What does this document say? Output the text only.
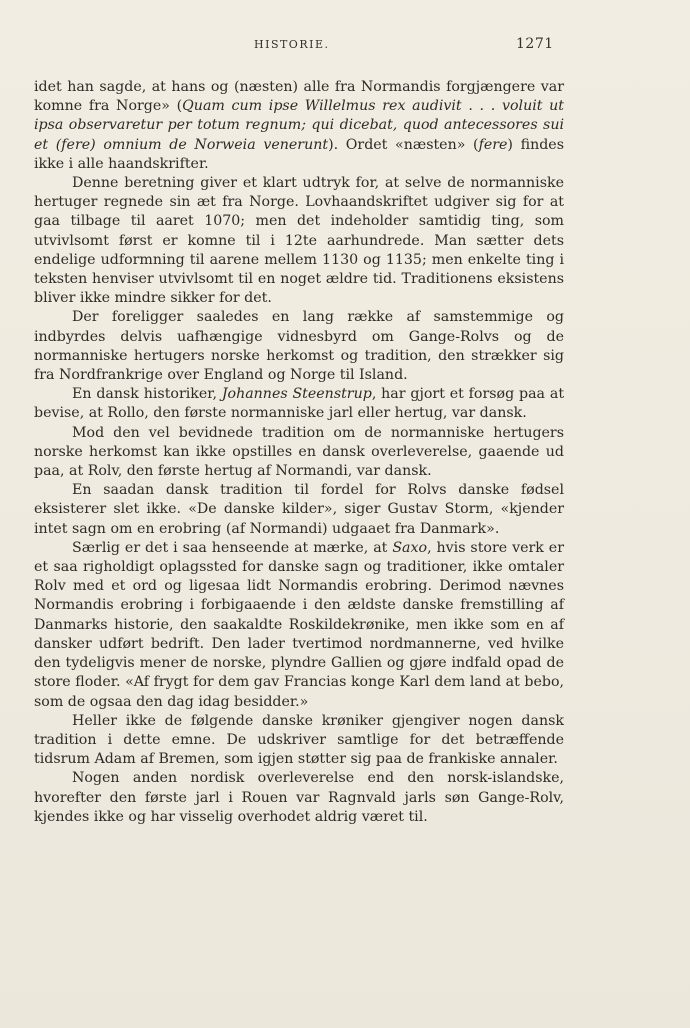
HISTORIE.	1271

idet han sagde, at hans og (næsten) alle fra Normandis forgjængere var komne fra Norge» (Quam cum ipse Willelmus rex audivit . . . voluit ut ipsa observaretur per totum regnum; qui dicebat, quod antecessores sui et (fere) omnium de Norweia venerunt). Ordet «næsten» (fere) findes ikke i alle haandskrifter.

Denne beretning giver et klart udtryk for, at selve de normanniske hertuger regnede sin æt fra Norge. Lovhaandskriftet udgiver sig for at gaa tilbage til aaret 1070; men det indeholder samtidig ting, som utvivlsomt først er komne til i 12te aarhundrede. Man sætter dets endelige udformning til aarene mellem 1130 og 1135; men enkelte ting i teksten henviser utvivlsomt til en noget ældre tid. Traditionens eksistens bliver ikke mindre sikker for det.

Der foreligger saaledes en lang række af samstemmige og indbyrdes delvis uafhængige vidnesbyrd om Gange-Rolvs og de normanniske hertugers norske herkomst og tradition, den strækker sig fra Nordfrankrige over England og Norge til Island.

En dansk historiker, Johannes Steenstrup, har gjort et forsøg paa at bevise, at Rollo, den første normanniske jarl eller hertug, var dansk.

Mod den vel bevidnede tradition om de normanniske hertugers norske herkomst kan ikke opstilles en dansk overleverelse, gaaende ud paa, at Rolv, den første hertug af Normandi, var dansk.

En saadan dansk tradition til fordel for Rolvs danske fødsel eksisterer slet ikke. «De danske kilder», siger Gustav Storm, «kjender intet sagn om en erobring (af Normandi) udgaaet fra Danmark».

Særlig er det i saa henseende at mærke, at Saxo, hvis store verk er et saa righoldigt oplagssted for danske sagn og traditioner, ikke omtaler Rolv med et ord og ligesaa lidt Normandis erobring. Derimod nævnes Normandis erobring i forbigaaende i den ældste danske fremstilling af Danmarks historie, den saakaldte Roskildekrønike, men ikke som en af dansker udført bedrift. Den lader tvertimod nordmannerne, ved hvilke den tydeligvis mener de norske, plyndre Gallien og gjøre indfald opad de store floder. «Af frygt for dem gav Francias konge Karl dem land at bebo, som de ogsaa den dag idag besidder.»

Heller ikke de følgende danske krøniker gjengiver nogen dansk tradition i dette emne. De udskriver samtlige for det betræffende tidsrum Adam af Bremen, som igjen støtter sig paa de frankiske annaler.

Nogen anden nordisk overleverelse end den norsk-islandske, hvorefter den første jarl i Rouen var Ragnvald jarls søn Gange-Rolv, kjendes ikke og har visselig overhodet aldrig været til.
